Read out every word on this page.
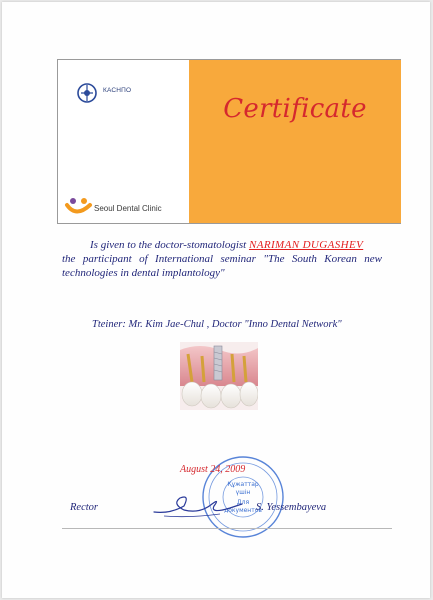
КАСНПО
Seoul Dental Clinic
Certificate
Is given to the doctor-stomatologist NARIMAN DUGASHEV
the participant of International seminar "The South Korean new
technologies in dental implantology"
Tteiner: Mr. Kim Jae-Chul , Doctor "Inno Dental Network"
Құжаттар
үшін
Для
документов
August 24, 2009
Rector	S. Yessembayeva
